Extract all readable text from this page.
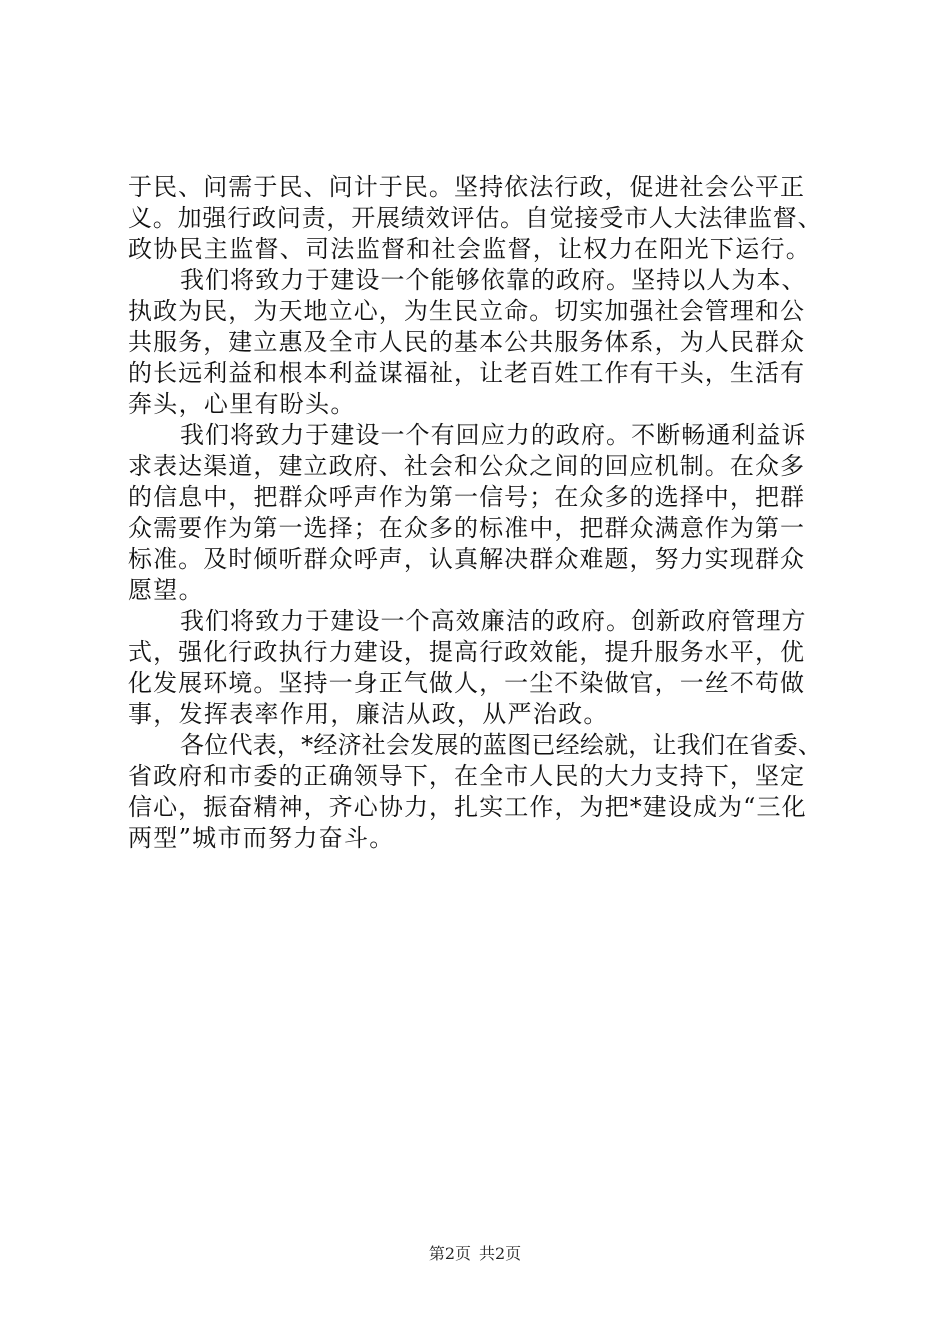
于民、问需于民、问计于民。坚持依法行政，促进社会公平正
义。加强行政问责，开展绩效评估。自觉接受市人大法律监督、
政协民主监督、司法监督和社会监督，让权力在阳光下运行。
我们将致力于建设一个能够依靠的政府。坚持以人为本、
执政为民，为天地立心，为生民立命。切实加强社会管理和公
共服务，建立惠及全市人民的基本公共服务体系，为人民群众
的长远利益和根本利益谋福祉，让老百姓工作有干头，生活有
奔头，心里有盼头。
我们将致力于建设一个有回应力的政府。不断畅通利益诉
求表达渠道，建立政府、社会和公众之间的回应机制。在众多
的信息中，把群众呼声作为第一信号；在众多的选择中，把群
众需要作为第一选择；在众多的标准中，把群众满意作为第一
标准。及时倾听群众呼声，认真解决群众难题，努力实现群众
愿望。
我们将致力于建设一个高效廉洁的政府。创新政府管理方
式，强化行政执行力建设，提高行政效能，提升服务水平，优
化发展环境。坚持一身正气做人，一尘不染做官，一丝不苟做
事，发挥表率作用，廉洁从政，从严治政。
各位代表，*经济社会发展的蓝图已经绘就，让我们在省委、
省政府和市委的正确领导下，在全市人民的大力支持下，坚定
信心，振奋精神，齐心协力，扎实工作，为把*建设成为“三化
两型”城市而努力奋斗。
第2页 共2页
